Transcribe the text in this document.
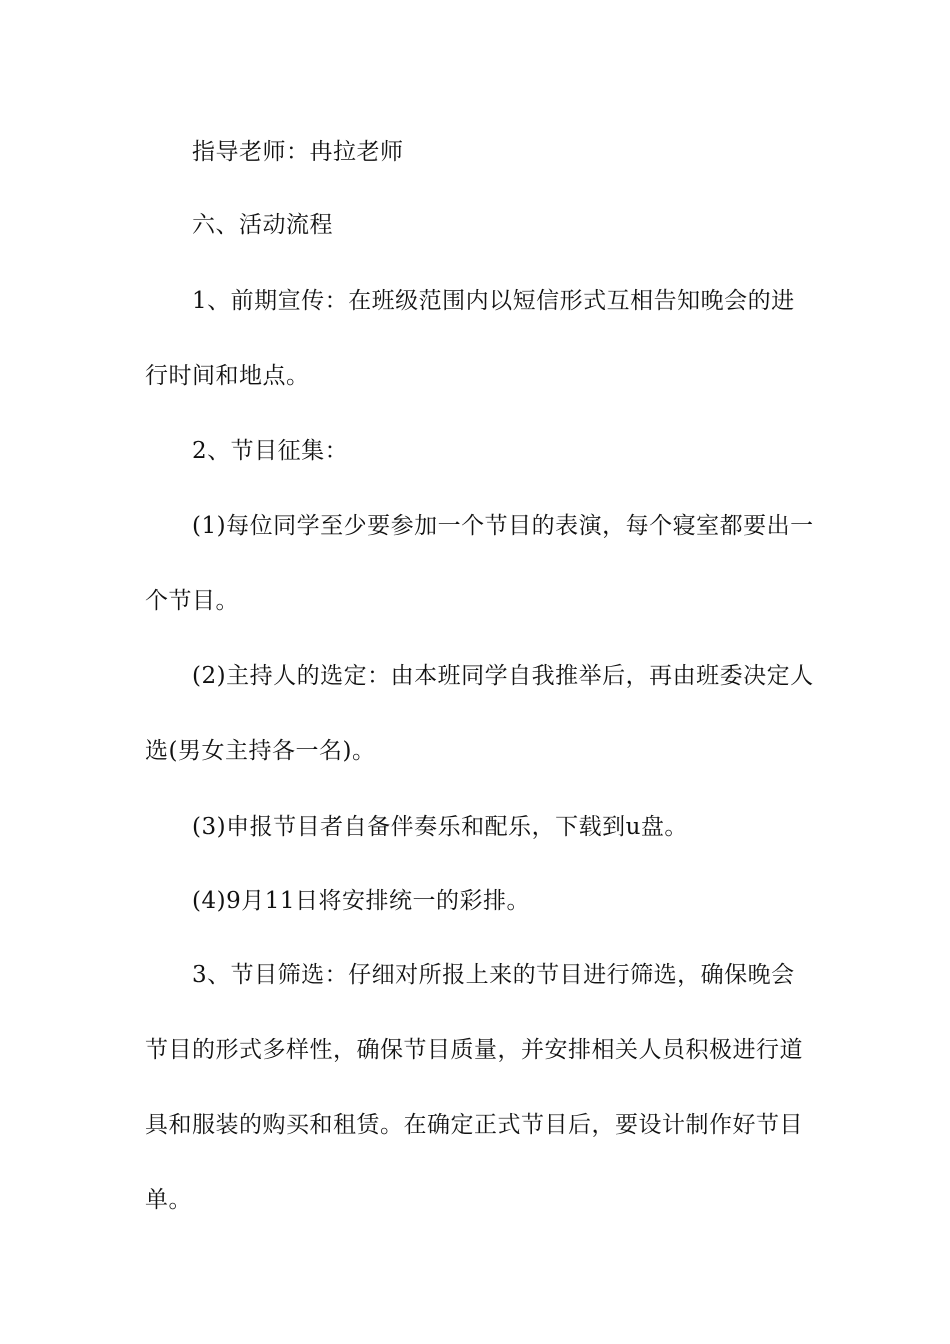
指导老师：冉拉老师

六、活动流程

1、前期宣传：在班级范围内以短信形式互相告知晚会的进行时间和地点。

2、节目征集：

(1)每位同学至少要参加一个节目的表演，每个寝室都要出一个节目。

(2)主持人的选定：由本班同学自我推举后，再由班委决定人选(男女主持各一名)。

(3)申报节目者自备伴奏乐和配乐，下载到u盘。

(4)9月11日将安排统一的彩排。

3、节目筛选：仔细对所报上来的节目进行筛选，确保晚会节目的形式多样性，确保节目质量，并安排相关人员积极进行道具和服装的购买和租赁。在确定正式节目后，要设计制作好节目单。
